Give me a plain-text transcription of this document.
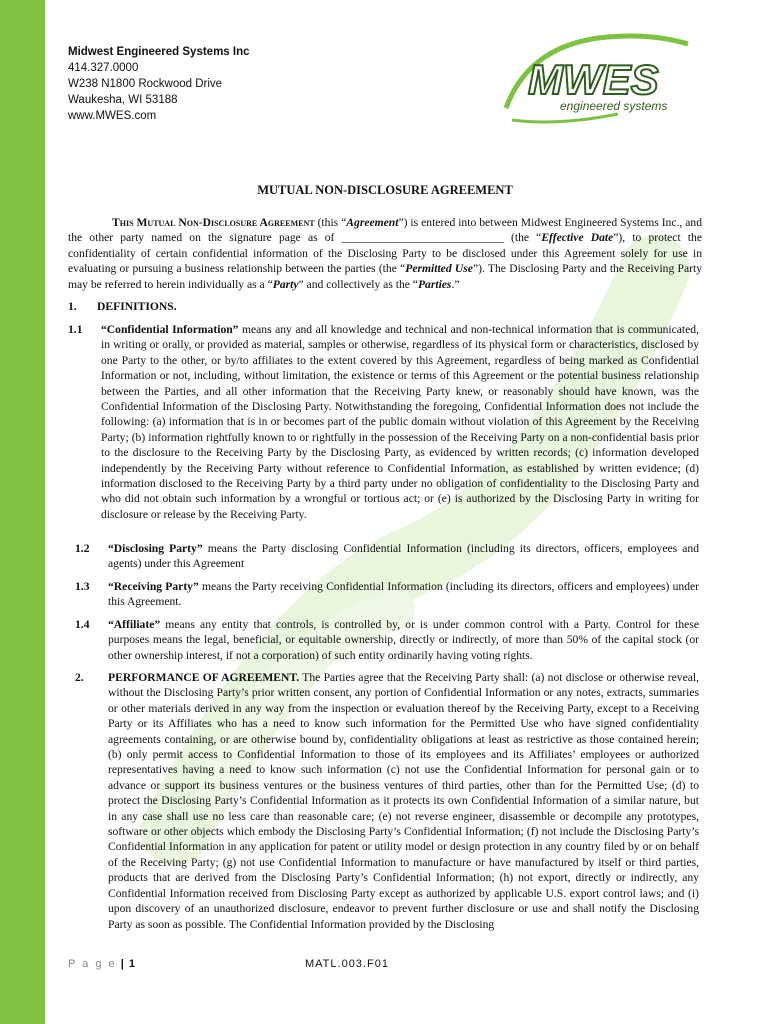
Midwest Engineered Systems Inc
414.327.0000
W238 N1800 Rockwood Drive
Waukesha, WI 53188
www.MWES.com
MWES
engineered systems
MUTUAL NON-DISCLOSURE AGREEMENT
This Mutual Non-Disclosure Agreement (this “Agreement”) is entered into between Midwest Engineered Systems Inc., and the other party named on the signature page as of ____________________________ (the “Effective Date”), to protect the confidentiality of certain confidential information of the Disclosing Party to be disclosed under this Agreement solely for use in evaluating or pursuing a business relationship between the parties (the “Permitted Use”). The Disclosing Party and the Receiving Party may be referred to herein individually as a “Party” and collectively as the “Parties.”
1. DEFINITIONS.
1.1 “Confidential Information” means any and all knowledge and technical and non-technical information that is communicated, in writing or orally, or provided as material, samples or otherwise, regardless of its physical form or characteristics, disclosed by one Party to the other, or by/to affiliates to the extent covered by this Agreement, regardless of being marked as Confidential Information or not, including, without limitation, the existence or terms of this Agreement or the potential business relationship between the Parties, and all other information that the Receiving Party knew, or reasonably should have known, was the Confidential Information of the Disclosing Party. Notwithstanding the foregoing, Confidential Information does not include the following: (a) information that is in or becomes part of the public domain without violation of this Agreement by the Receiving Party; (b) information rightfully known to or rightfully in the possession of the Receiving Party on a non-confidential basis prior to the disclosure to the Receiving Party by the Disclosing Party, as evidenced by written records; (c) information developed independently by the Receiving Party without reference to Confidential Information, as established by written evidence; (d) information disclosed to the Receiving Party by a third party under no obligation of confidentiality to the Disclosing Party and who did not obtain such information by a wrongful or tortious act; or (e) is authorized by the Disclosing Party in writing for disclosure or release by the Receiving Party.
1.2 “Disclosing Party” means the Party disclosing Confidential Information (including its directors, officers, employees and agents) under this Agreement
1.3 “Receiving Party” means the Party receiving Confidential Information (including its directors, officers and employees) under this Agreement.
1.4 “Affiliate” means any entity that controls, is controlled by, or is under common control with a Party. Control for these purposes means the legal, beneficial, or equitable ownership, directly or indirectly, of more than 50% of the capital stock (or other ownership interest, if not a corporation) of such entity ordinarily having voting rights.
2. PERFORMANCE OF AGREEMENT. The Parties agree that the Receiving Party shall: (a) not disclose or otherwise reveal, without the Disclosing Party’s prior written consent, any portion of Confidential Information or any notes, extracts, summaries or other materials derived in any way from the inspection or evaluation thereof by the Receiving Party, except to a Receiving Party or its Affiliates who has a need to know such information for the Permitted Use who have signed confidentiality agreements containing, or are otherwise bound by, confidentiality obligations at least as restrictive as those contained herein; (b) only permit access to Confidential Information to those of its employees and its Affiliates’ employees or authorized representatives having a need to know such information (c) not use the Confidential Information for personal gain or to advance or support its business ventures or the business ventures of third parties, other than for the Permitted Use; (d) to protect the Disclosing Party’s Confidential Information as it protects its own Confidential Information of a similar nature, but in any case shall use no less care than reasonable care; (e) not reverse engineer, disassemble or decompile any prototypes, software or other objects which embody the Disclosing Party’s Confidential Information; (f) not include the Disclosing Party’s Confidential Information in any application for patent or utility model or design protection in any country filed by or on behalf of the Receiving Party; (g) not use Confidential Information to manufacture or have manufactured by itself or third parties, products that are derived from the Disclosing Party’s Confidential Information; (h) not export, directly or indirectly, any Confidential Information received from Disclosing Party except as authorized by applicable U.S. export control laws; and (i) upon discovery of an unauthorized disclosure, endeavor to prevent further disclosure or use and shall notify the Disclosing Party as soon as possible. The Confidential Information provided by the Disclosing
P a g e | 1	MATL.003.F01
